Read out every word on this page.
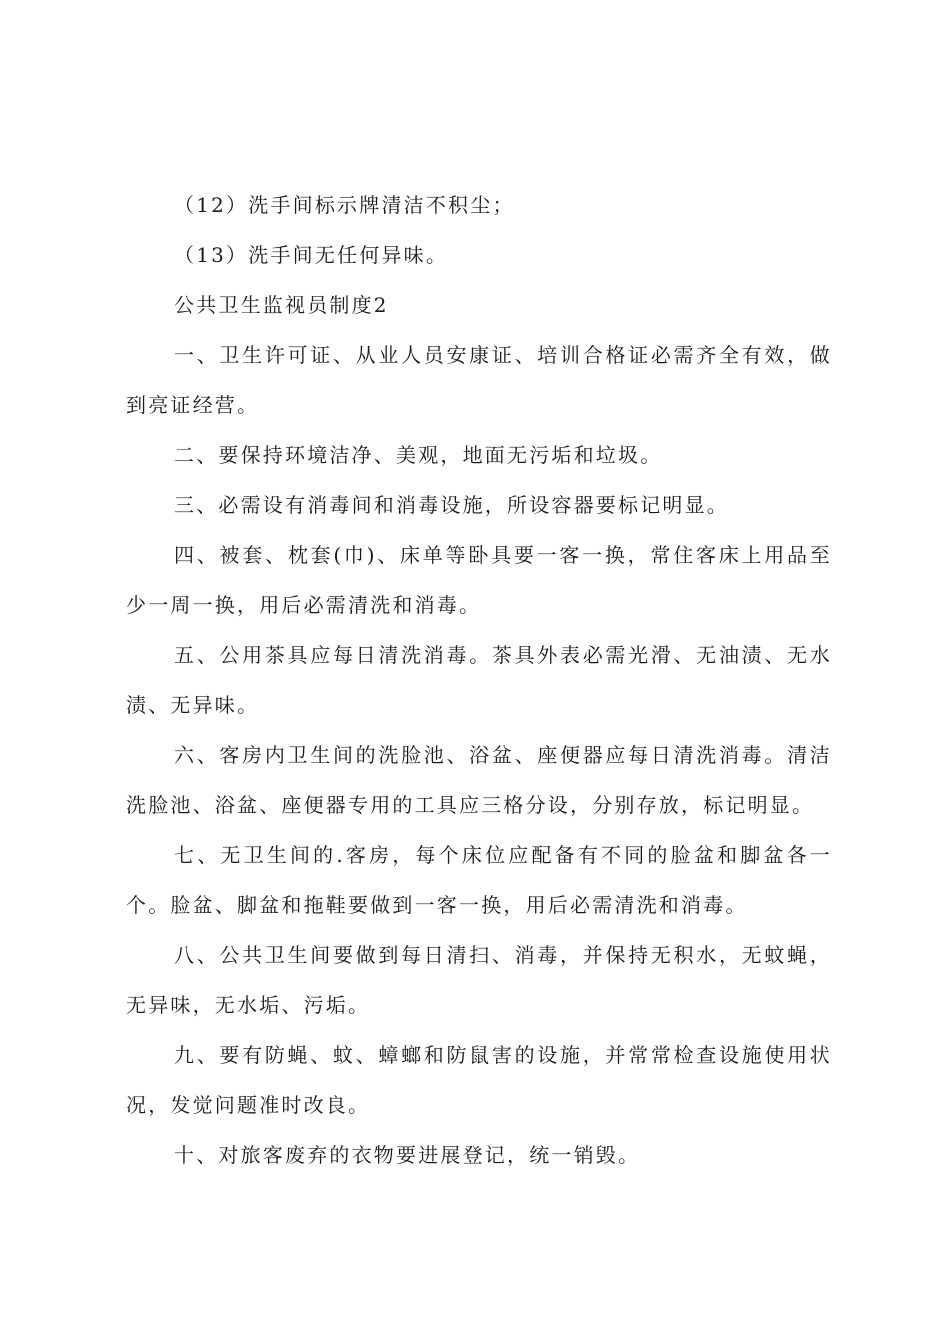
（12）洗手间标示牌清洁不积尘；

（13）洗手间无任何异味。

公共卫生监视员制度2

一、卫生许可证、从业人员安康证、培训合格证必需齐全有效，做到亮证经营。

二、要保持环境洁净、美观，地面无污垢和垃圾。

三、必需设有消毒间和消毒设施，所设容器要标记明显。

四、被套、枕套(巾)、床单等卧具要一客一换，常住客床上用品至少一周一换，用后必需清洗和消毒。

五、公用茶具应每日清洗消毒。茶具外表必需光滑、无油渍、无水渍、无异味。

六、客房内卫生间的洗脸池、浴盆、座便器应每日清洗消毒。清洁洗脸池、浴盆、座便器专用的工具应三格分设，分别存放，标记明显。

七、无卫生间的.客房，每个床位应配备有不同的脸盆和脚盆各一个。脸盆、脚盆和拖鞋要做到一客一换，用后必需清洗和消毒。

八、公共卫生间要做到每日清扫、消毒，并保持无积水，无蚊蝇，无异味，无水垢、污垢。

九、要有防蝇、蚊、蟑螂和防鼠害的设施，并常常检查设施使用状况，发觉问题准时改良。

十、对旅客废弃的衣物要进展登记，统一销毁。
